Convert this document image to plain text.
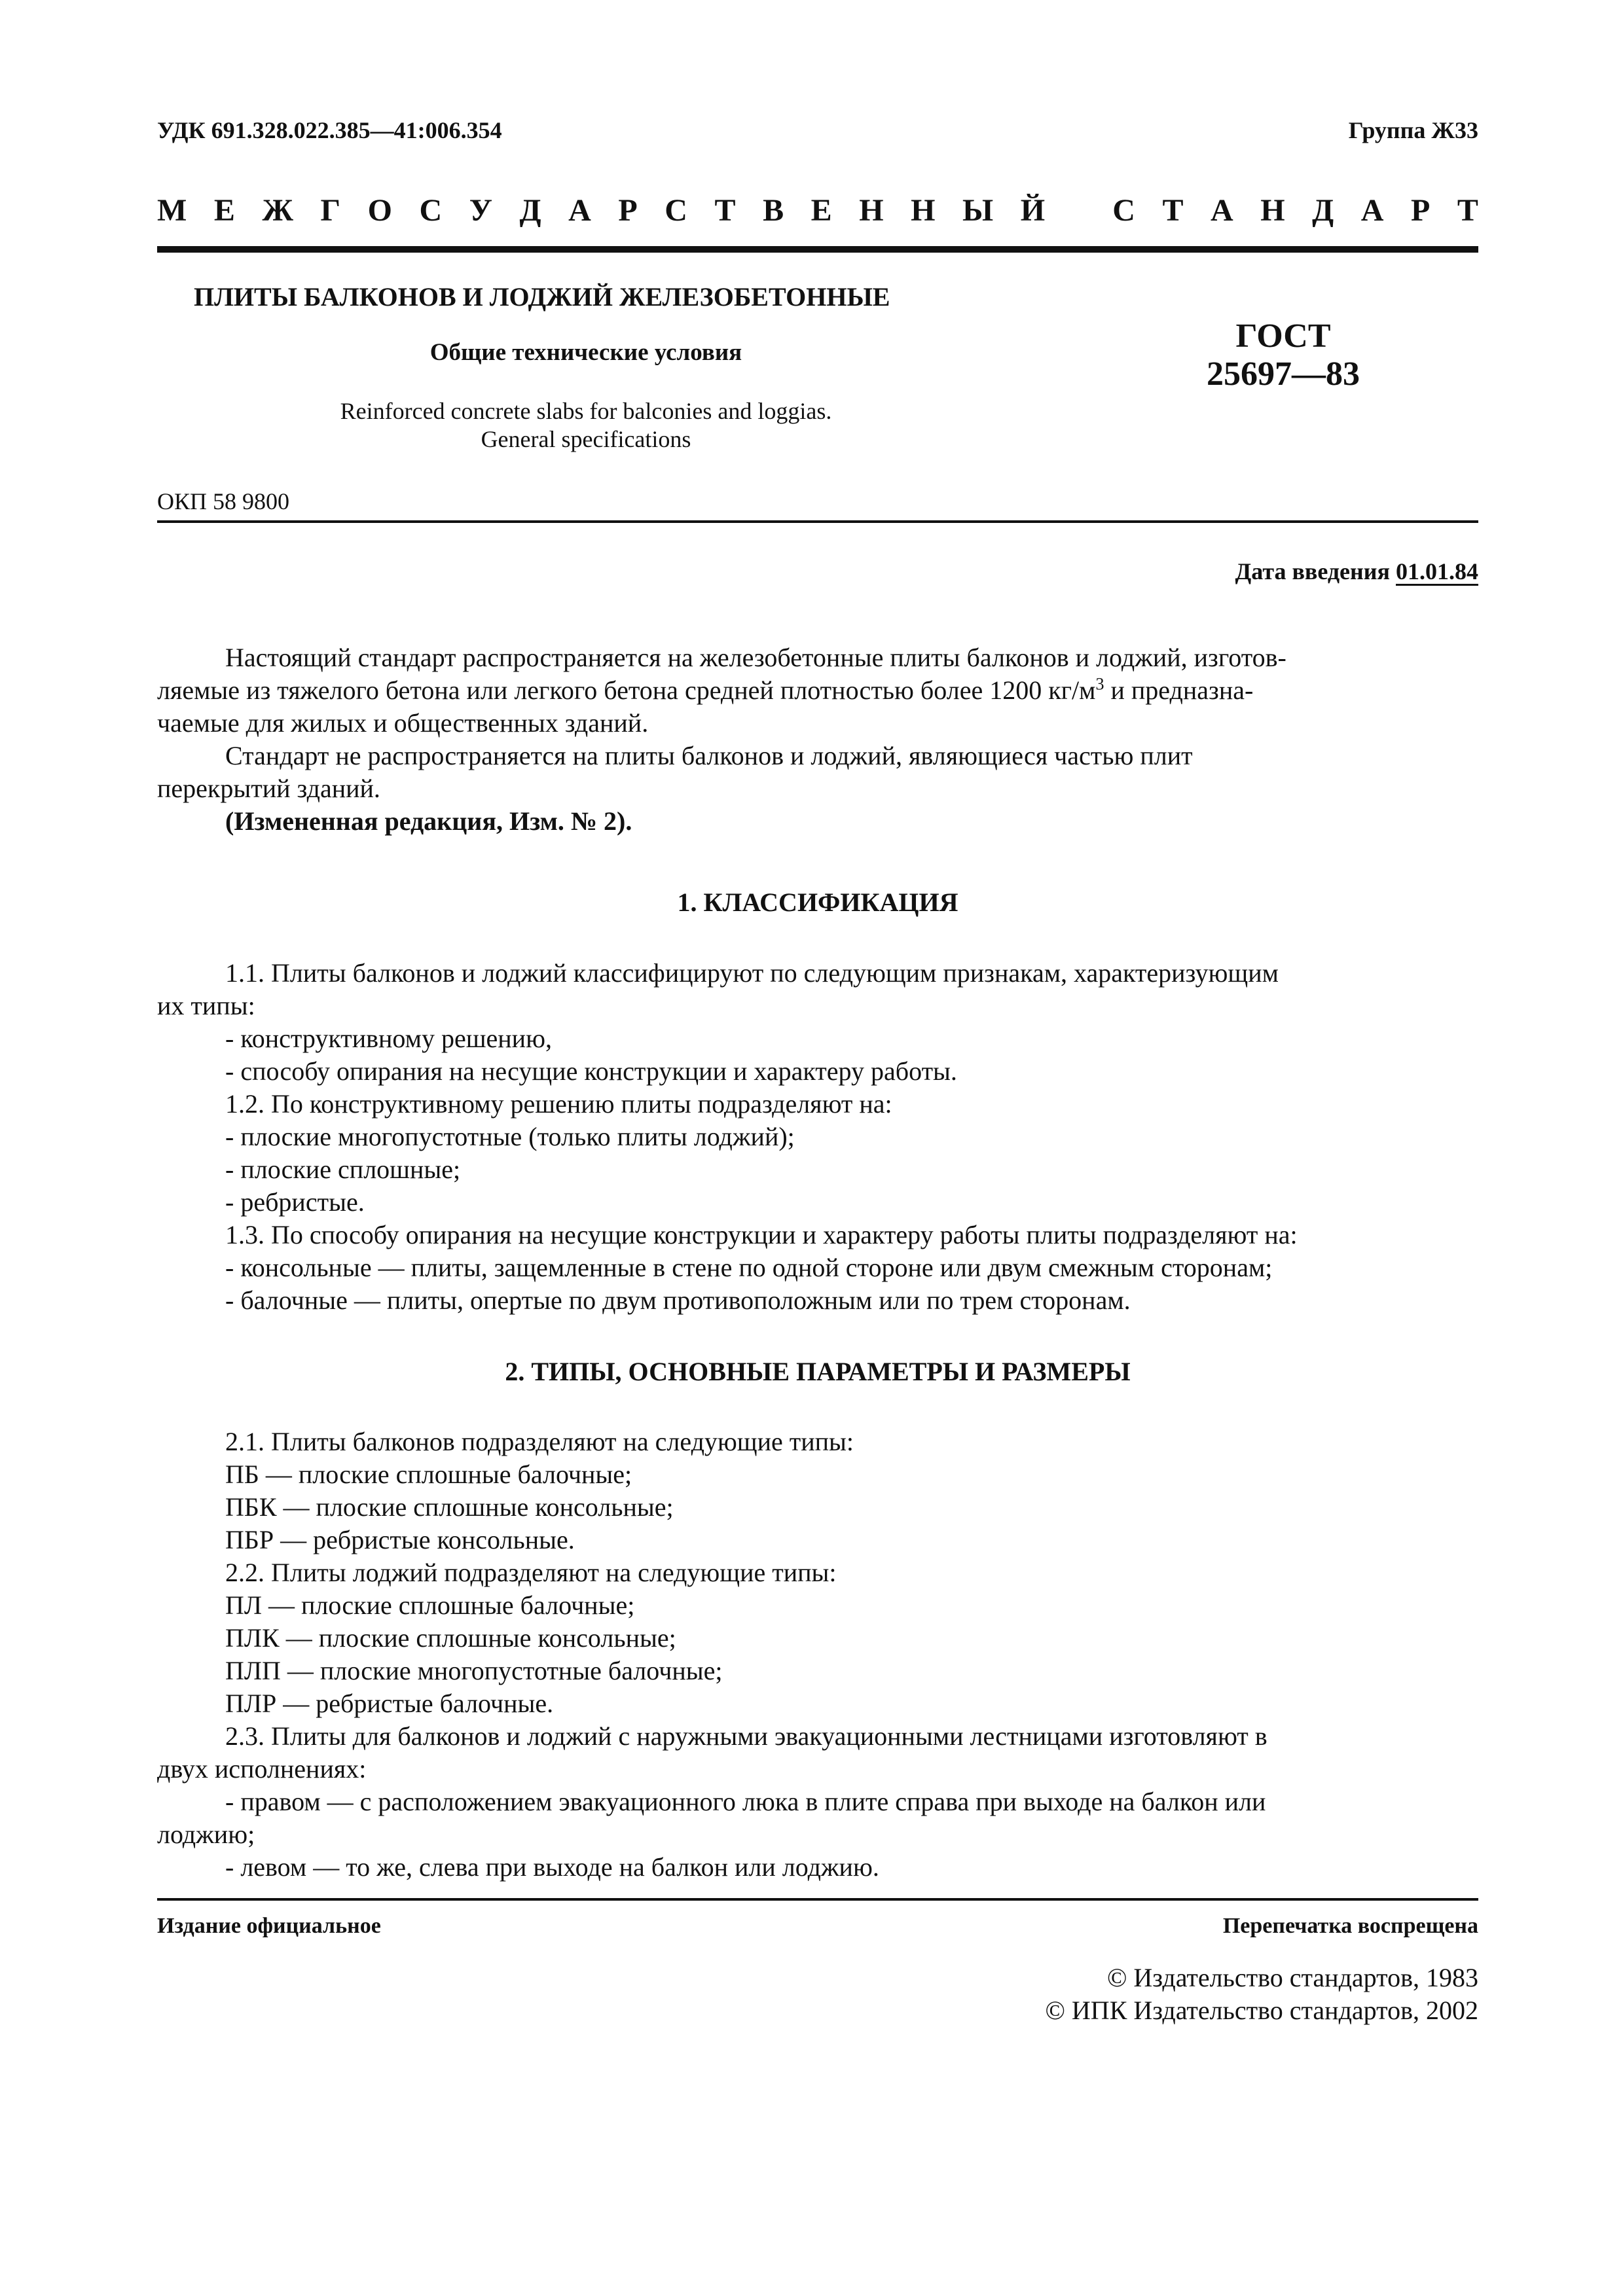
УДК 691.328.022.385—41:006.354	Группа Ж33
М Е Ж Г О С У Д А Р С Т В Е Н Н Ы Й С Т А Н Д А Р Т
ПЛИТЫ БАЛКОНОВ И ЛОДЖИЙ ЖЕЛЕЗОБЕТОННЫЕ
Общие технические условия
Reinforced concrete slabs for balconies and loggias.
General specifications
ГОСТ
25697—83
ОКП 58 9800
Дата введения 01.01.84

Настоящий стандарт распространяется на железобетонные плиты балконов и лоджий, изготов-

ляемые из тяжелого бетона или легкого бетона средней плотностью более 1200 $кг/м^3$ и предназна-

чаемые для жилых и общественных зданий.

Стандарт не распространяется на плиты балконов и лоджий, являющиеся частью плит

перекрытий зданий.

(Измененная редакция, Изм. № 2).

1. КЛАССИФИКАЦИЯ

1.1. Плиты балконов и лоджий классифицируют по следующим признакам, характеризующим

их типы:

- конструктивному решению,

- способу опирания на несущие конструкции и характеру работы.

1.2. По конструктивному решению плиты подразделяют на:

- плоские многопустотные (только плиты лоджий);

- плоские сплошные;

- ребристые.

1.3. По способу опирания на несущие конструкции и характеру работы плиты подразделяют на:

- консольные — плиты, защемленные в стене по одной стороне или двум смежным сторонам;

- балочные — плиты, опертые по двум противоположным или по трем сторонам.

2. ТИПЫ, ОСНОВНЫЕ ПАРАМЕТРЫ И РАЗМЕРЫ

2.1. Плиты балконов подразделяют на следующие типы:

ПБ — плоские сплошные балочные;

ПБК — плоские сплошные консольные;

ПБР — ребристые консольные.

2.2. Плиты лоджий подразделяют на следующие типы:

ПЛ — плоские сплошные балочные;

ПЛК — плоские сплошные консольные;

ПЛП — плоские многопустотные балочные;

ПЛР — ребристые балочные.

2.3. Плиты для балконов и лоджий с наружными эвакуационными лестницами изготовляют в

двух исполнениях:

- правом — с расположением эвакуационного люка в плите справа при выходе на балкон или

лоджию;

- левом — то же, слева при выходе на балкон или лоджию.

Издание официальное	Перепечатка воспрещена
© Издательство стандартов, 1983
© ИПК Издательство стандартов, 2002
